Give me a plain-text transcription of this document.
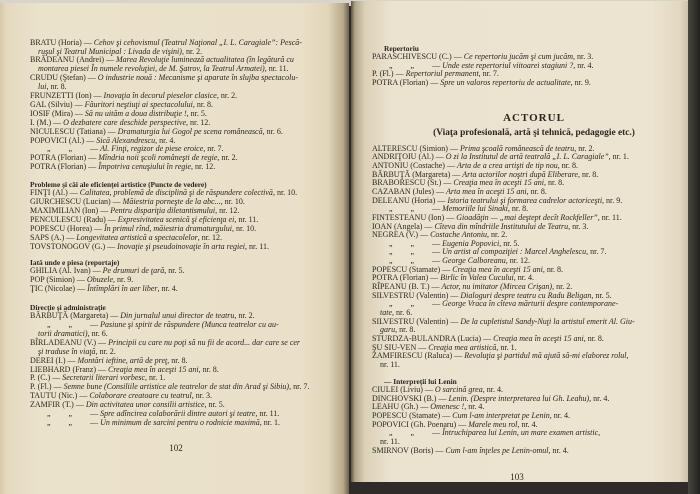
BRATU (Horia) — Cehov şi cehovismul (Teatrul Naţional „I. L. Caragiale”: Pescă-
ruşul şi Teatrul Municipal : Livada de vişini), nr. 2.
BRĂDEANU (Andrei) — Marea Revoluţie luminează actualitatea (în legătură cu
montarea piesei În numele revoluţiei, de M. Şatrov, la Teatrul Armatei), nr. 11.
CRUDU (Ştefan) — O industrie nouă : Mecanisme şi aparate în slujba spectacolu-
lui, nr. 8.
FRUNZETTI (Ion) — Inovaţia în decorul pieselor clasice, nr. 2.
GAL (Silviu) — Făuritori neştiuţi ai spectacolului, nr. 8.
IOSIF (Mira) — Să nu uităm a doua distribuţie !, nr. 5.
I. (M.) — O dezbatere care deschide perspective, nr. 12.
NICULESCU (Tatiana) — Dramaturgia lui Gogol pe scena românească, nr. 6.
POPOVICI (Al.) — Sică Alexandrescu, nr. 4.
„ „ — Al. Finţi, regizor de piese eroice, nr. 7.
POTRA (Florian) — Mîndria noii şcoli româneşti de regie, nr. 2.
POTRA (Florian) — Împotriva cenuşiului în regie, nr. 12.
Probleme şi căi ale eficienţei artistice (Puncte de vedere)
FINŢI (Al.) — Calitatea, problemă de disciplină şi de răspundere colectivă, nr. 10.
GIURCHESCU (Lucian) — Măiestria porneşte de la abc..., nr. 10.
MAXIMILIAN (Ion) — Pentru dispariţia diletantismului, nr. 12.
PENCULESCU (Radu) — Expresivitatea scenică şi eficienţa ei, nr. 11.
POPESCU (Horea) — În primul rînd, măiestria dramaturgului, nr. 10.
SAPS (A.) — Longevitatea artistică a spectacolelor, nr. 12.
TOVSTONOGOV (G.) — Inovaţie şi pseudoinovaţie în arta regiei, nr. 11.
Iată unde e piesa (reportaje)
GHILIA (Al. Ivan) — Pe drumuri de ţară, nr. 5.
POP (Simion) — Obuzele, nr. 9.
ŢIC (Nicolae) — Întîmplări în aer liber, nr. 4.
Direcţie şi administraţie
BĂRBUŢĂ (Margareta) — Din jurnalul unui director de teatru, nr. 2.
„ „ — Pasiune şi spirit de răspundere (Munca teatrelor cu au-
torii dramatici), nr. 6.
BÎRLADEANU (V.) — Principii cu care nu poţi să nu fii de acord... dar care se cer
şi traduse în viaţă, nr. 2.
DEREI (I.) — Montări ieftine, artă de preţ, nr. 8.
LIEBHARD (Franz) — Creaţia mea în aceşti 15 ani, nr. 8.
P. (C.) — Secretarii literari vorbesc, nr. 1.
P. (Fl.) — Semne bune (Consiliile artistice ale teatrelor de stat din Arad şi Sibiu), nr. 7.
TAUTU (Nic.) — Colaborare creatoare cu teatrul, nr. 3.
ZAMFIR (T.) — Din activitatea unor consilii artistice, nr. 5.
„ „ — Spre adîncirea colaborării dintre autori şi teatre, nr. 11.
„ „ — Un minimum de sarcini pentru o rodnicie maximă, nr. 1.
102
Repertoriu
PARASCHIVESCU (C.) — Ce repertoriu jucăm şi cum jucăm, nr. 3.
„ „ — Unde este repertoriul viitoarei stagiuni ?, nr. 4.
P. (Fl.) — Repertoriul permanent, nr. 7.
POTRA (Florian) — Spre un valoros repertoriu de actualitate, nr. 9.
ACTORUL
(Viaţa profesională, artă şi tehnică, pedagogie etc.)
ALTERESCU (Simion) — Prima şcoală românească de teatru, nr. 2.
ANDRIŢOIU (Al.) — O zi la Institutul de artă teatrală „I. L. Caragiale”, nr. 1.
ANTONIU (Costache) — Arta de a crea artişti de tip nou, nr. 8.
BĂRBUŢĂ (Margareta) — Arta actorilor noştri după Eliberare, nr. 8.
BRABORESCU (St.) — Creaţia mea în aceşti 15 ani, nr. 8.
CAZABAN (Jules) — Arta mea în aceşti 15 ani, nr. 8.
DELEANU (Horia) — Istoria teatrului şi formarea cadrelor actoriceşti, nr. 9.
„ „ — Memoriile lui Sinaki, nr. 8.
FINTESTEANU (Ion) — Gioadăţin — „mai deştept decît Rockfeller”, nr. 11.
IOAN (Angela) — Cîteva din mîndriile Institutului de Teatru, nr. 3.
NEGREA (V.) — Costache Antoniu, nr. 2.
„ „ — Eugenia Popovici, nr. 5.
„ „ — Un artist al compoziţiei : Marcel Anghelescu, nr. 7.
„ „ — George Calboreanu, nr. 12.
POPESCU (Stamate) — Creaţia mea în aceşti 15 ani, nr. 8.
POTRA (Florian) — Birlic în Valea Cucului, nr. 4.
RÎPEANU (B. T.) — Actor, nu imitator (Mircea Crişan), nr. 2.
SILVESTRU (Valentin) — Dialoguri despre teatru cu Radu Beligan, nr. 5.
„ „ — George Vraca în cîteva mărturii despre contemporane-
tate, nr. 6.
SILVESTRU (Valentin) — De la cupletistul Sandy-Nuţi la artistul emerit Al. Giu-
garu, nr. 8.
STURDZA-BULANDRA (Lucia) — Creaţia mea în aceşti 15 ani, nr. 8.
ŞU SIU-VEN — Creaţia mea artistică, nr. 1.
ZAMFIRESCU (Raluca) — Revoluţia şi partidul mă ajută să-mi elaborez rolul,
nr. 11.
— Interpreţii lui Lenin
CIULEI (Liviu) — O sarcină grea, nr. 4.
DINCHOVSKI (B.) — Lenin. (Despre interpretarea lui Gh. Leahu), nr. 4.
LEAHU (Gh.) — Omenesc !, nr. 4.
POPESCU (Stamate) — Cum l-am interpretat pe Lenin, nr. 4.
POPOVICI (Gh. Poenaru) — Marele meu rol, nr. 4.
„ „ — Întruchiparea lui Lenin, un mare examen artistic,
nr. 11.
SMIRNOV (Boris) — Cum l-am înţeles pe Lenin-omul, nr. 4.
103
